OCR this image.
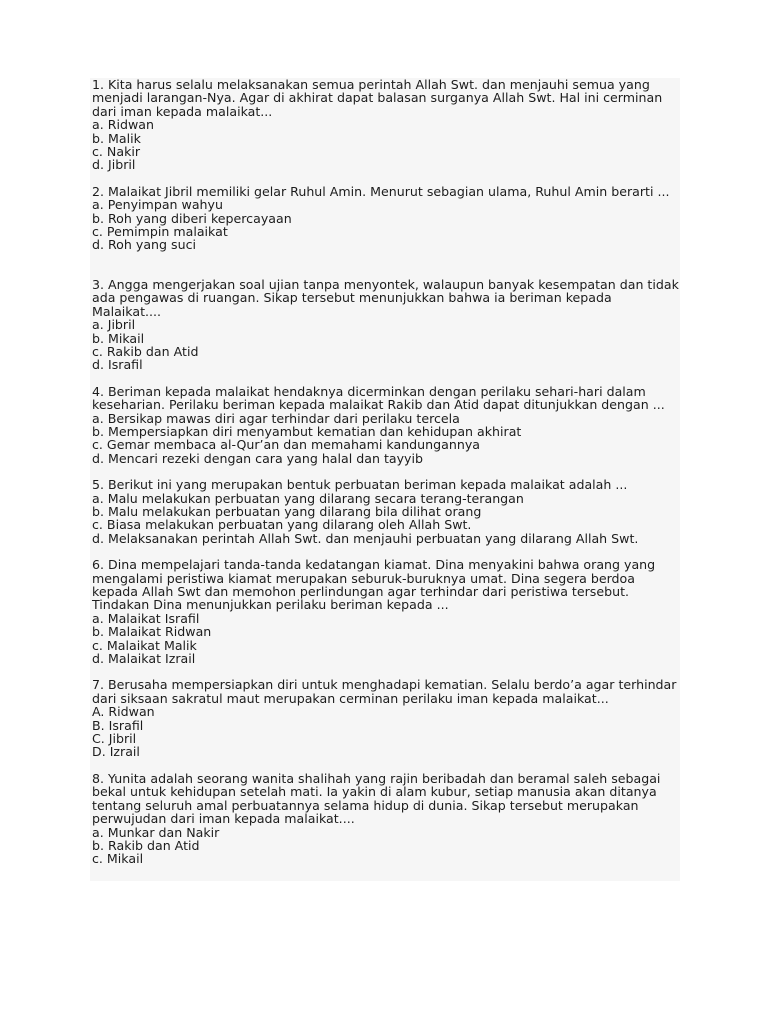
1. Kita harus selalu melaksanakan semua perintah Allah Swt. dan menjauhi semua yang menjadi larangan-Nya. Agar di akhirat dapat balasan surganya Allah Swt. Hal ini cerminan dari iman kepada malaikat...

a. Ridwan
b. Malik
c. Nakir
d. Jibril

2. Malaikat Jibril memiliki gelar Ruhul Amin. Menurut sebagian ulama, Ruhul Amin berarti ...

a. Penyimpan wahyu
b. Roh yang diberi kepercayaan
c. Pemimpin malaikat
d. Roh yang suci

3. Angga mengerjakan soal ujian tanpa menyontek, walaupun banyak kesempatan dan tidak ada pengawas di ruangan. Sikap tersebut menunjukkan bahwa ia beriman kepada Malaikat....

a. Jibril
b. Mikail
c. Rakib dan Atid
d. Israfil

4. Beriman kepada malaikat hendaknya dicerminkan dengan perilaku sehari-hari dalam keseharian. Perilaku beriman kepada malaikat Rakib dan Atid dapat ditunjukkan dengan ...

a. Bersikap mawas diri agar terhindar dari perilaku tercela
b. Mempersiapkan diri menyambut kematian dan kehidupan akhirat
c. Gemar membaca al-Qur’an dan memahami kandungannya
d. Mencari rezeki dengan cara yang halal dan tayyib

5. Berikut ini yang merupakan bentuk perbuatan beriman kepada malaikat adalah ...

a. Malu melakukan perbuatan yang dilarang secara terang-terangan
b. Malu melakukan perbuatan yang dilarang bila dilihat orang
c. Biasa melakukan perbuatan yang dilarang oleh Allah Swt.
d. Melaksanakan perintah Allah Swt. dan menjauhi perbuatan yang dilarang Allah Swt.

6. Dina mempelajari tanda-tanda kedatangan kiamat. Dina menyakini bahwa orang yang mengalami peristiwa kiamat merupakan seburuk-buruknya umat. Dina segera berdoa kepada Allah Swt dan memohon perlindungan agar terhindar dari peristiwa tersebut. Tindakan Dina menunjukkan perilaku beriman kepada ...

a. Malaikat Israfil
b. Malaikat Ridwan
c. Malaikat Malik
d. Malaikat Izrail

7. Berusaha mempersiapkan diri untuk menghadapi kematian. Selalu berdo’a agar terhindar dari siksaan sakratul maut merupakan cerminan perilaku iman kepada malaikat...

A. Ridwan
B. Israfil
C. Jibril
D. Izrail

8. Yunita adalah seorang wanita shalihah yang rajin beribadah dan beramal saleh sebagai bekal untuk kehidupan setelah mati. Ia yakin di alam kubur, setiap manusia akan ditanya tentang seluruh amal perbuatannya selama hidup di dunia. Sikap tersebut merupakan perwujudan dari iman kepada malaikat....

a. Munkar dan Nakir
b. Rakib dan Atid
c. Mikail
